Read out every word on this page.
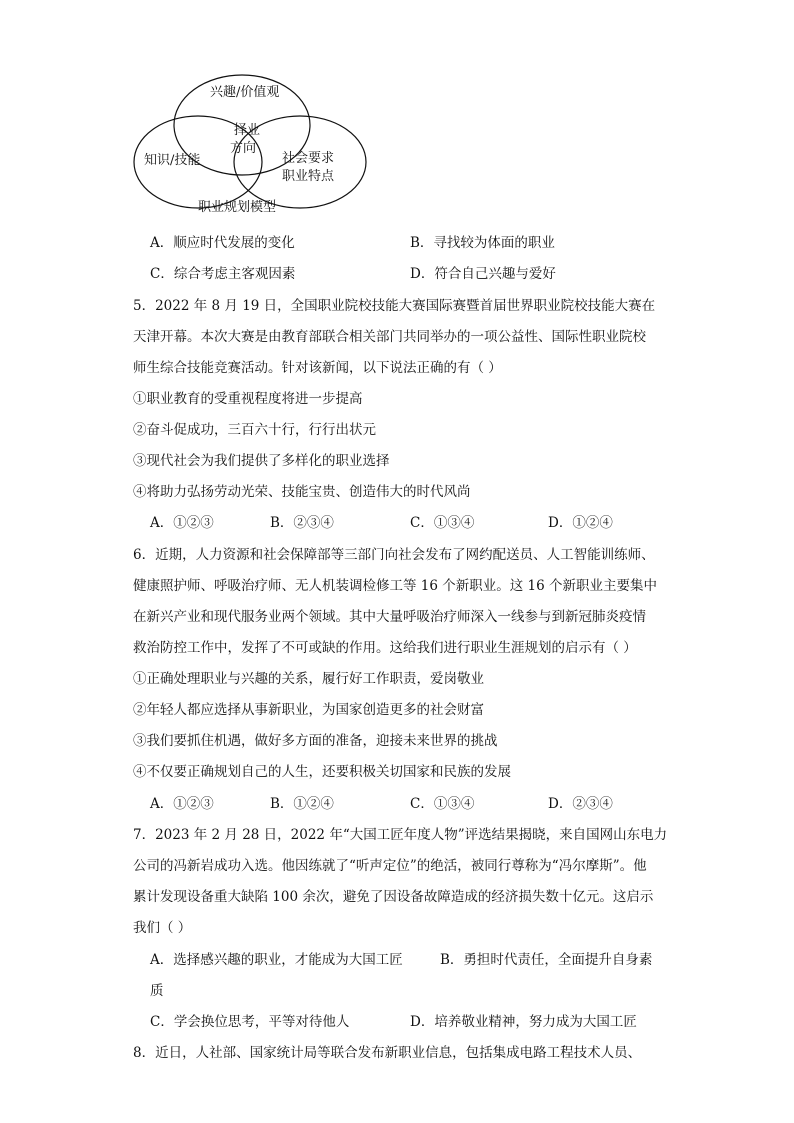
兴趣/价值观
知识/技能	社会要求
职业特点
择业
方向
职业规划模型
A．顺应时代发展的变化	B．寻找较为体面的职业
C．综合考虑主客观因素	D．符合自己兴趣与爱好
5．2022 年 8 月 19 日，全国职业院校技能大赛国际赛暨首届世界职业院校技能大赛在
天津开幕。本次大赛是由教育部联合相关部门共同举办的一项公益性、国际性职业院校
师生综合技能竞赛活动。针对该新闻，以下说法正确的有（ ）
①职业教育的受重视程度将进一步提高
②奋斗促成功，三百六十行，行行出状元
③现代社会为我们提供了多样化的职业选择
④将助力弘扬劳动光荣、技能宝贵、创造伟大的时代风尚
A．①②③	B．②③④	C．①③④	D．①②④
6．近期，人力资源和社会保障部等三部门向社会发布了网约配送员、人工智能训练师、
健康照护师、呼吸治疗师、无人机装调检修工等 16 个新职业。这 16 个新职业主要集中
在新兴产业和现代服务业两个领域。其中大量呼吸治疗师深入一线参与到新冠肺炎疫情
救治防控工作中，发挥了不可或缺的作用。这给我们进行职业生涯规划的启示有（ ）
①正确处理职业与兴趣的关系，履行好工作职责，爱岗敬业
②年轻人都应选择从事新职业，为国家创造更多的社会财富
③我们要抓住机遇，做好多方面的准备，迎接未来世界的挑战
④不仅要正确规划自己的人生，还要积极关切国家和民族的发展
A．①②③	B．①②④	C．①③④	D．②③④
7．2023 年 2 月 28 日，2022 年“大国工匠年度人物”评选结果揭晓，来自国网山东电力
公司的冯新岩成功入选。他因练就了“听声定位”的绝活，被同行尊称为“冯尔摩斯”。他
累计发现设备重大缺陷 100 余次，避免了因设备故障造成的经济损失数十亿元。这启示
我们（ ）
A．选择感兴趣的职业，才能成为大国工匠	B．勇担时代责任，全面提升自身素
质
C．学会换位思考，平等对待他人	D．培养敬业精神，努力成为大国工匠
8．近日，人社部、国家统计局等联合发布新职业信息，包括集成电路工程技术人员、
